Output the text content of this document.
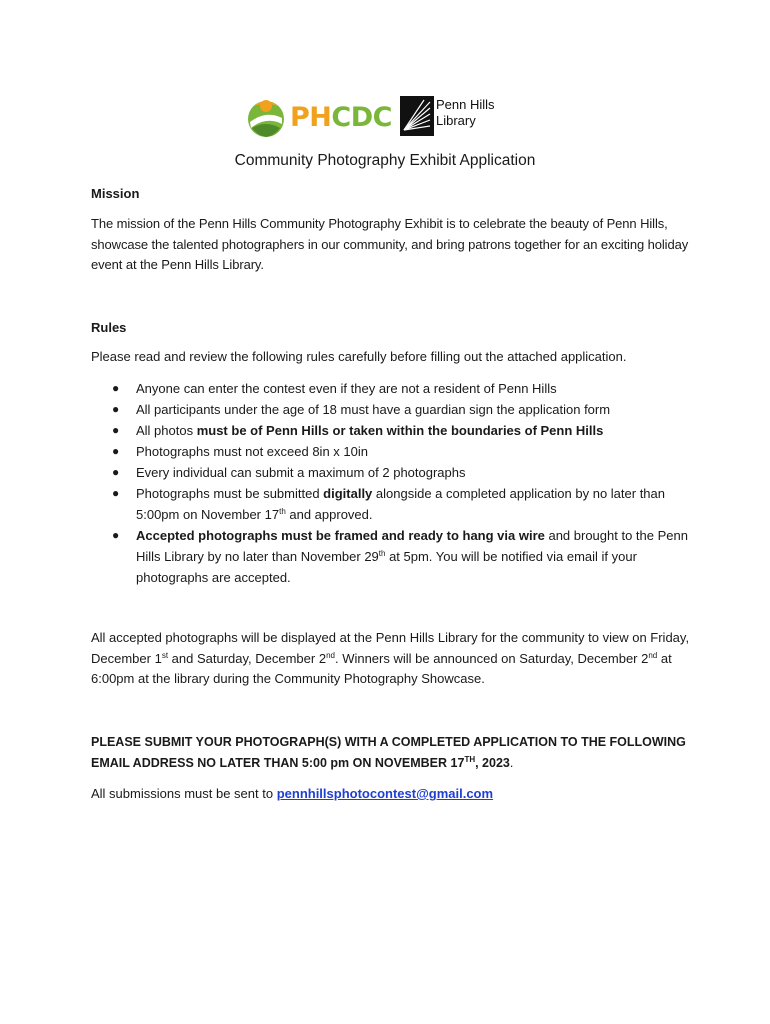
PHCDC	Penn Hills
Library
Community Photography Exhibit Application
Mission

The mission of the Penn Hills Community Photography Exhibit is to celebrate the beauty of Penn Hills, showcase the talented photographers in our community, and bring patrons together for an exciting holiday event at the Penn Hills Library.

Rules

Please read and review the following rules carefully before filling out the attached application.

● Anyone can enter the contest even if they are not a resident of Penn Hills
● All participants under the age of 18 must have a guardian sign the application form
● All photos must be of Penn Hills or taken within the boundaries of Penn Hills
● Photographs must not exceed 8in x 10in
● Every individual can submit a maximum of 2 photographs
● Photographs must be submitted digitally alongside a completed application by no later than 5:00pm on November 17th and approved.
● Accepted photographs must be framed and ready to hang via wire and brought to the Penn Hills Library by no later than November 29th at 5pm. You will be notified via email if your photographs are accepted.

All accepted photographs will be displayed at the Penn Hills Library for the community to view on Friday, December 1st and Saturday, December 2nd. Winners will be announced on Saturday, December 2nd at 6:00pm at the library during the Community Photography Showcase.

PLEASE SUBMIT YOUR PHOTOGRAPH(S) WITH A COMPLETED APPLICATION TO THE FOLLOWING EMAIL ADDRESS NO LATER THAN 5:00 pm ON NOVEMBER 17TH, 2023.

All submissions must be sent to pennhillsphotocontest@gmail.com
